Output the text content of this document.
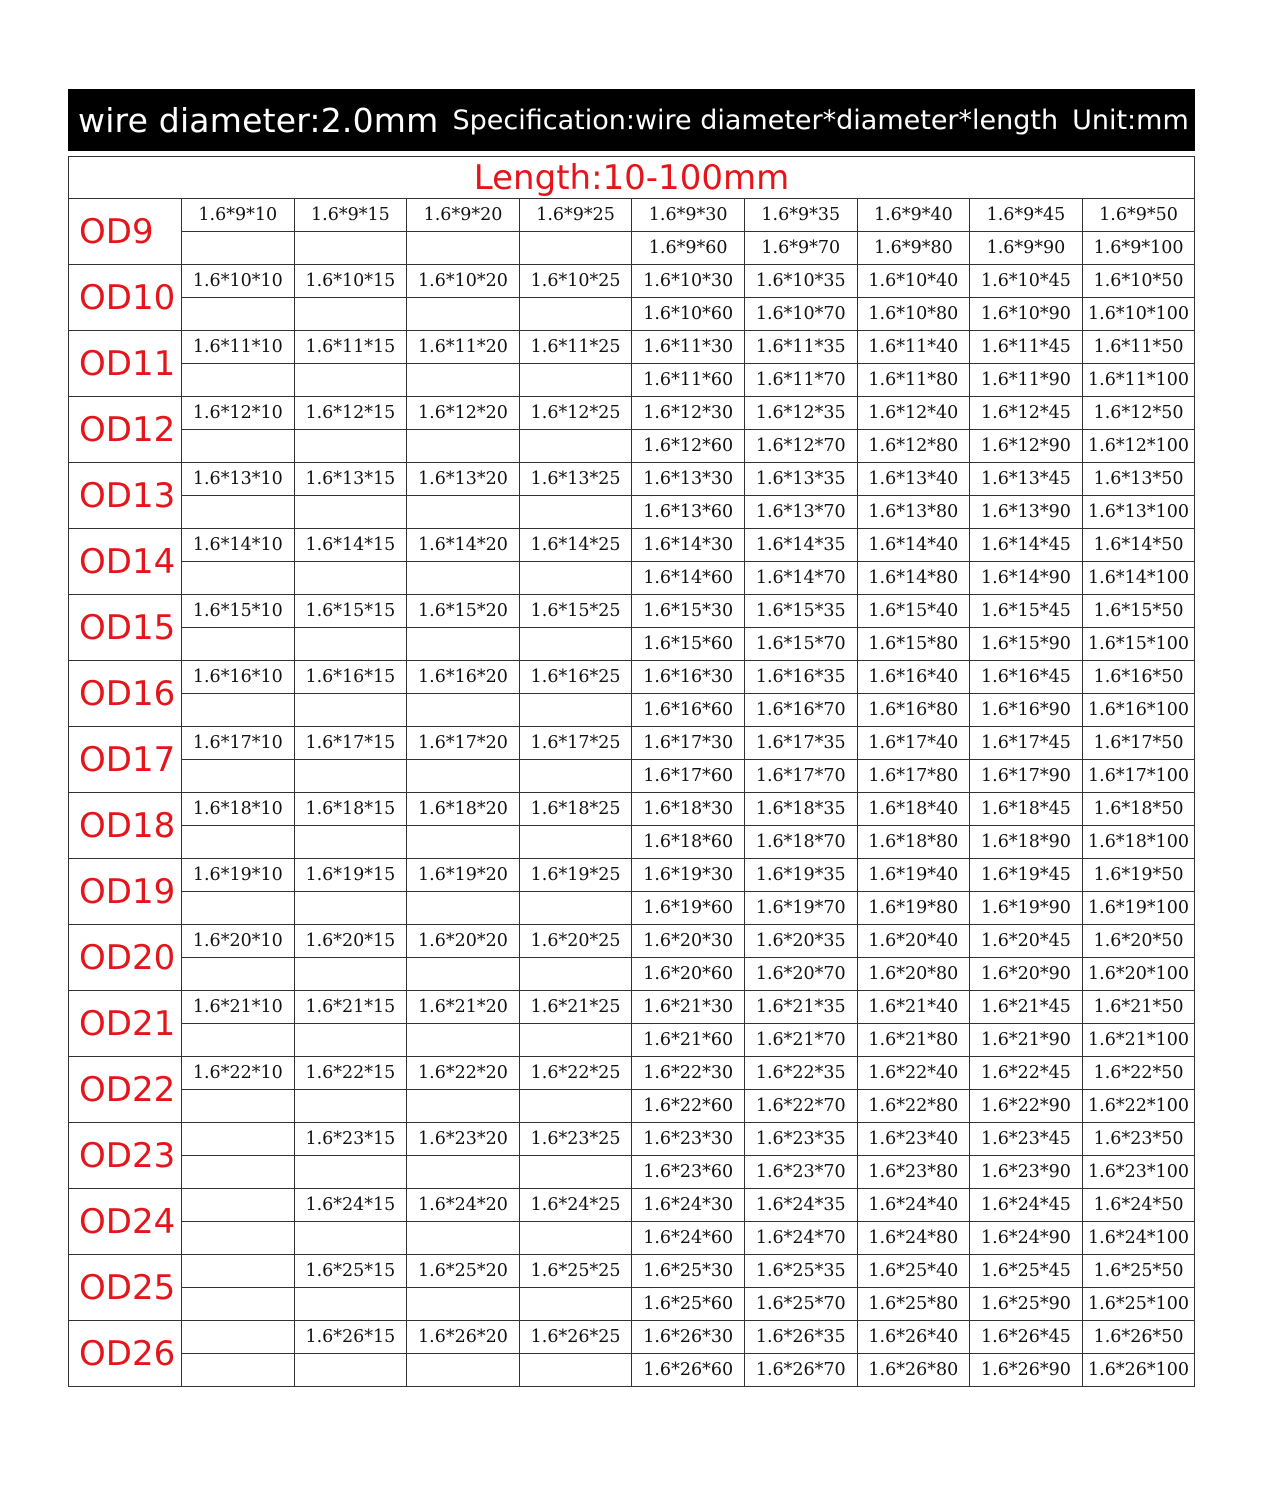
wire diameter:2.0mm Specification:wire diameter*diameter*length Unit:mm
Length:10-100mm
OD9	1.6*9*10	1.6*9*15	1.6*9*20	1.6*9*25	1.6*9*30	1.6*9*35	1.6*9*40	1.6*9*45	1.6*9*50
					1.6*9*60	1.6*9*70	1.6*9*80	1.6*9*90	1.6*9*100
OD10	1.6*10*10	1.6*10*15	1.6*10*20	1.6*10*25	1.6*10*30	1.6*10*35	1.6*10*40	1.6*10*45	1.6*10*50
					1.6*10*60	1.6*10*70	1.6*10*80	1.6*10*90	1.6*10*100
OD11	1.6*11*10	1.6*11*15	1.6*11*20	1.6*11*25	1.6*11*30	1.6*11*35	1.6*11*40	1.6*11*45	1.6*11*50
					1.6*11*60	1.6*11*70	1.6*11*80	1.6*11*90	1.6*11*100
OD12	1.6*12*10	1.6*12*15	1.6*12*20	1.6*12*25	1.6*12*30	1.6*12*35	1.6*12*40	1.6*12*45	1.6*12*50
					1.6*12*60	1.6*12*70	1.6*12*80	1.6*12*90	1.6*12*100
OD13	1.6*13*10	1.6*13*15	1.6*13*20	1.6*13*25	1.6*13*30	1.6*13*35	1.6*13*40	1.6*13*45	1.6*13*50
					1.6*13*60	1.6*13*70	1.6*13*80	1.6*13*90	1.6*13*100
OD14	1.6*14*10	1.6*14*15	1.6*14*20	1.6*14*25	1.6*14*30	1.6*14*35	1.6*14*40	1.6*14*45	1.6*14*50
					1.6*14*60	1.6*14*70	1.6*14*80	1.6*14*90	1.6*14*100
OD15	1.6*15*10	1.6*15*15	1.6*15*20	1.6*15*25	1.6*15*30	1.6*15*35	1.6*15*40	1.6*15*45	1.6*15*50
					1.6*15*60	1.6*15*70	1.6*15*80	1.6*15*90	1.6*15*100
OD16	1.6*16*10	1.6*16*15	1.6*16*20	1.6*16*25	1.6*16*30	1.6*16*35	1.6*16*40	1.6*16*45	1.6*16*50
					1.6*16*60	1.6*16*70	1.6*16*80	1.6*16*90	1.6*16*100
OD17	1.6*17*10	1.6*17*15	1.6*17*20	1.6*17*25	1.6*17*30	1.6*17*35	1.6*17*40	1.6*17*45	1.6*17*50
					1.6*17*60	1.6*17*70	1.6*17*80	1.6*17*90	1.6*17*100
OD18	1.6*18*10	1.6*18*15	1.6*18*20	1.6*18*25	1.6*18*30	1.6*18*35	1.6*18*40	1.6*18*45	1.6*18*50
					1.6*18*60	1.6*18*70	1.6*18*80	1.6*18*90	1.6*18*100
OD19	1.6*19*10	1.6*19*15	1.6*19*20	1.6*19*25	1.6*19*30	1.6*19*35	1.6*19*40	1.6*19*45	1.6*19*50
					1.6*19*60	1.6*19*70	1.6*19*80	1.6*19*90	1.6*19*100
OD20	1.6*20*10	1.6*20*15	1.6*20*20	1.6*20*25	1.6*20*30	1.6*20*35	1.6*20*40	1.6*20*45	1.6*20*50
					1.6*20*60	1.6*20*70	1.6*20*80	1.6*20*90	1.6*20*100
OD21	1.6*21*10	1.6*21*15	1.6*21*20	1.6*21*25	1.6*21*30	1.6*21*35	1.6*21*40	1.6*21*45	1.6*21*50
					1.6*21*60	1.6*21*70	1.6*21*80	1.6*21*90	1.6*21*100
OD22	1.6*22*10	1.6*22*15	1.6*22*20	1.6*22*25	1.6*22*30	1.6*22*35	1.6*22*40	1.6*22*45	1.6*22*50
					1.6*22*60	1.6*22*70	1.6*22*80	1.6*22*90	1.6*22*100
OD23		1.6*23*15	1.6*23*20	1.6*23*25	1.6*23*30	1.6*23*35	1.6*23*40	1.6*23*45	1.6*23*50
					1.6*23*60	1.6*23*70	1.6*23*80	1.6*23*90	1.6*23*100
OD24		1.6*24*15	1.6*24*20	1.6*24*25	1.6*24*30	1.6*24*35	1.6*24*40	1.6*24*45	1.6*24*50
					1.6*24*60	1.6*24*70	1.6*24*80	1.6*24*90	1.6*24*100
OD25		1.6*25*15	1.6*25*20	1.6*25*25	1.6*25*30	1.6*25*35	1.6*25*40	1.6*25*45	1.6*25*50
					1.6*25*60	1.6*25*70	1.6*25*80	1.6*25*90	1.6*25*100
OD26		1.6*26*15	1.6*26*20	1.6*26*25	1.6*26*30	1.6*26*35	1.6*26*40	1.6*26*45	1.6*26*50
					1.6*26*60	1.6*26*70	1.6*26*80	1.6*26*90	1.6*26*100
